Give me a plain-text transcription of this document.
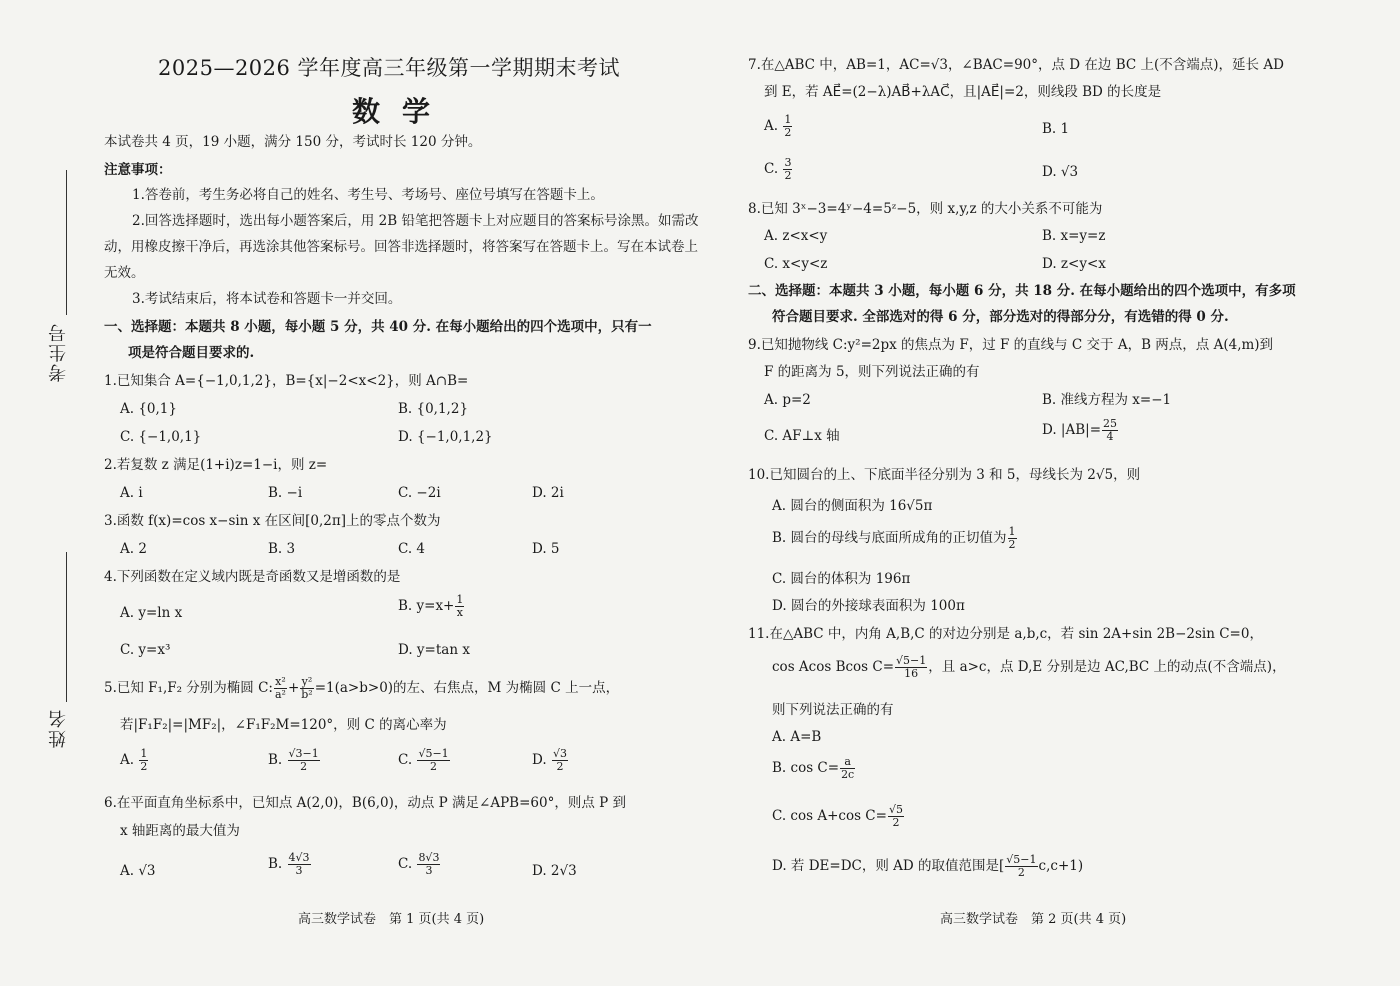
考生号
姓名
2025—2026 学年度高三年级第一学期期末考试
数学
本试卷共 4 页，19 小题，满分 150 分，考试时长 120 分钟。
注意事项：
1.答卷前，考生务必将自己的姓名、考生号、考场号、座位号填写在答题卡上。
2.回答选择题时，选出每小题答案后，用 2B 铅笔把答题卡上对应题目的答案标号涂黑。如需改
动，用橡皮擦干净后，再选涂其他答案标号。回答非选择题时，将答案写在答题卡上。写在本试卷上
无效。
3.考试结束后，将本试卷和答题卡一并交回。
一、选择题：本题共 8 小题，每小题 5 分，共 40 分. 在每小题给出的四个选项中，只有一
项是符合题目要求的.
1.已知集合 A={−1,0,1,2}，B={x|−2<x<2}，则 A∩B=
A. {0,1}	B. {0,1,2}
C. {−1,0,1}	D. {−1,0,1,2}
2.若复数 z 满足(1+i)z=1−i，则 z=
A. i	B. −i	C. −2i	D. 2i
3.函数 f(x)=cos x−sin x 在区间[0,2π]上的零点个数为
A. 2	B. 3	C. 4	D. 5
4.下列函数在定义域内既是奇函数又是增函数的是
A. y=ln x	B. $y=x+ \frac{1}{x}$
C. y=x³	D. y=tan x
5.已知 F₁,F₂ 分别为椭圆 C: $\frac{\text{x²}}{\text{a²}} + \frac{\text{y²}}{\text{b²}} =1(a>b>0)$的左、右焦点，M 为椭圆 C 上一点，
若|F₁F₂|=|MF₂|，∠F₁F₂M=120°，则 C 的离心率为
A. $\frac{1}{2}$	B. $\frac{√3-1}{2}$	C. $\frac{√5-1}{2}$	D. $\frac{√3}{2}$
6.在平面直角坐标系中，已知点 A(2,0)，B(6,0)，动点 P 满足∠APB=60°，则点 P 到
x 轴距离的最大值为
A. √3	B. $\frac{4√3}{3}$	C. $\frac{8√3}{3}$	D. 2√3
高三数学试卷　第 1 页(共 4 页)
7.在△ABC 中，AB=1，AC=√3，∠BAC=90°，点 D 在边 BC 上(不含端点)，延长 AD
到 E，若 AE⃗=(2−λ)AB⃗+λAC⃗，且|AE⃗|=2，则线段 BD 的长度是
A. $\frac{1}{2}$	B. 1
C. $\frac{3}{2}$	D. √3
8.已知 3ˣ−3=4ʸ−4=5ᶻ−5，则 x,y,z 的大小关系不可能为
A. z<x<y	B. x=y=z
C. x<y<z	D. z<y<x
二、选择题：本题共 3 小题，每小题 6 分，共 18 分. 在每小题给出的四个选项中，有多项
符合题目要求. 全部选对的得 6 分，部分选对的得部分分，有选错的得 0 分.
9.已知抛物线 C:y²=2px 的焦点为 F，过 F 的直线与 C 交于 A，B 两点，点 A(4,m)到
F 的距离为 5，则下列说法正确的有
A. p=2	B. 准线方程为 x=−1
C. AF⊥x 轴	D. $|AB|= \frac{25}{4}$
10.已知圆台的上、下底面半径分别为 3 和 5，母线长为 2√5，则
A. 圆台的侧面积为 16√5π
B. 圆台的母线与底面所成角的正切值为 $\frac{1}{2}$
C. 圆台的体积为 196π
D. 圆台的外接球表面积为 100π
11.在△ABC 中，内角 A,B,C 的对边分别是 a,b,c，若 sin 2A+sin 2B−2sin C=0，
cos Acos Bcos $C= \frac{√5-1}{16}$ ，且 a>c，点 D,E 分别是边 AC,BC 上的动点(不含端点)，
则下列说法正确的有
A. A=B
B. $\cos C= \frac{a}{2c}$
C. cos A+cos $C= \frac{√5}{2}$
D. 若 DE=DC，则 AD 的取值范围是[ $\frac{√5-1}{2} c,c+1$)
高三数学试卷　第 2 页(共 4 页)
